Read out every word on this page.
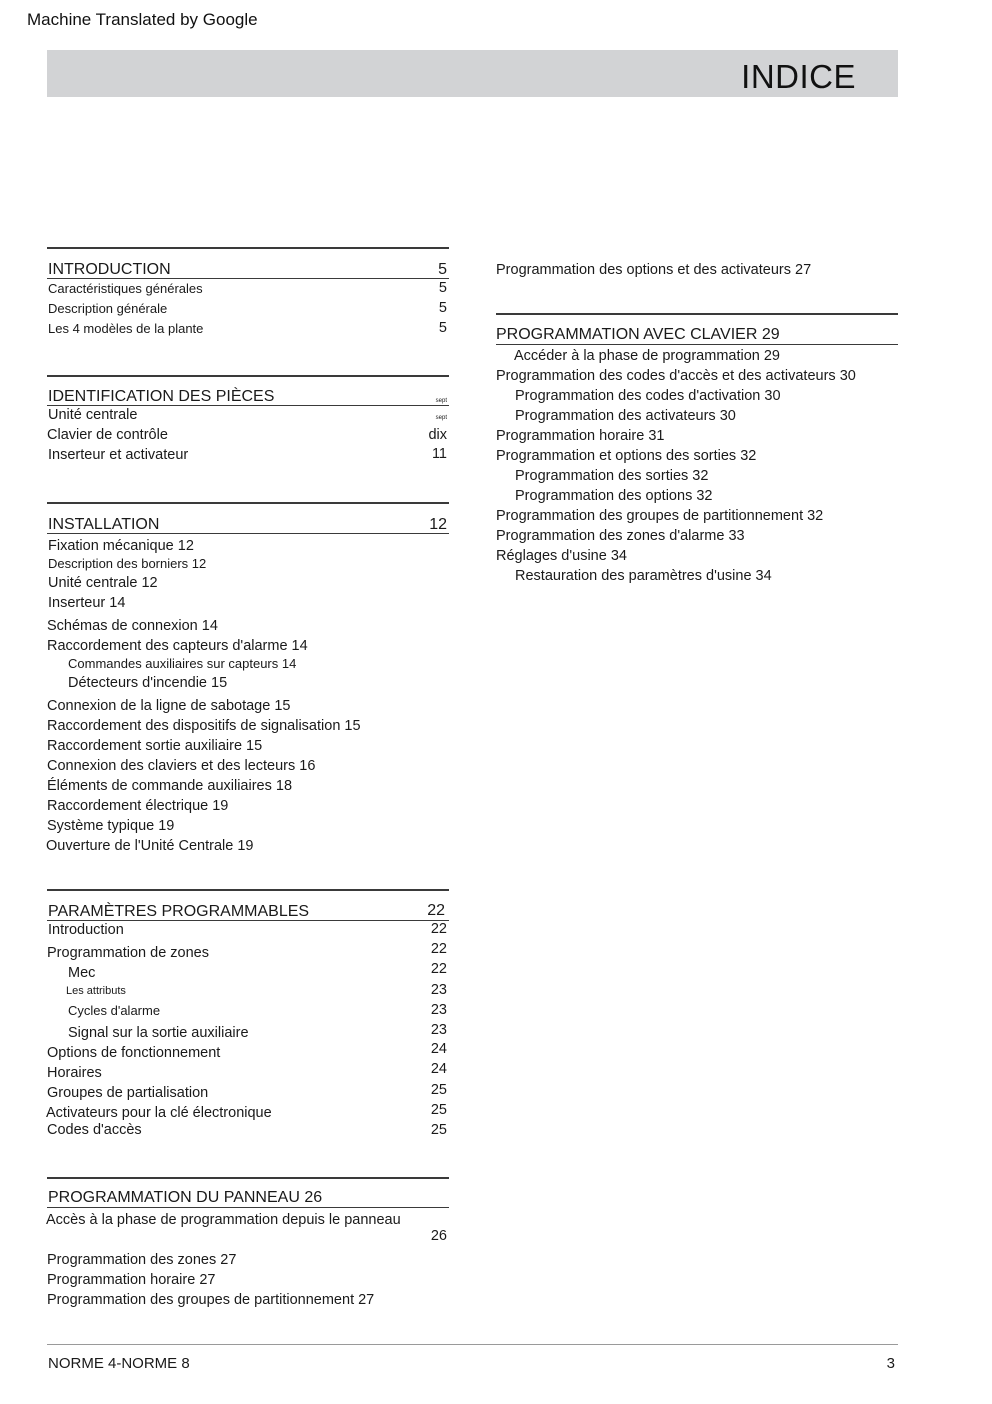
Machine Translated by Google
INDICE
INTRODUCTION	5
Caractéristiques générales	5
Description générale	5
Les 4 modèles de la plante	5
IDENTIFICATION DES PIÈCES	sept
Unité centrale	sept
Clavier de contrôle	dix
Inserteur et activateur	11
INSTALLATION	12
Fixation mécanique 12
Description des borniers 12
Unité centrale 12
Inserteur 14
Schémas de connexion 14
Raccordement des capteurs d'alarme 14
Commandes auxiliaires sur capteurs 14
Détecteurs d'incendie 15
Connexion de la ligne de sabotage 15
Raccordement des dispositifs de signalisation 15
Raccordement sortie auxiliaire 15
Connexion des claviers et des lecteurs 16
Éléments de commande auxiliaires 18
Raccordement électrique 19
Système typique 19
Ouverture de l'Unité Centrale 19
PARAMÈTRES PROGRAMMABLES	22
Introduction	22
Programmation de zones	22
Mec	22
Les attributs	23
Cycles d'alarme	23
Signal sur la sortie auxiliaire	23
Options de fonctionnement	24
Horaires	24
Groupes de partialisation	25
Activateurs pour la clé électronique	25
Codes d'accès	25
PROGRAMMATION DU PANNEAU 26
Accès à la phase de programmation depuis le panneau
26
Programmation des zones 27
Programmation horaire 27
Programmation des groupes de partitionnement 27
Programmation des options et des activateurs 27
PROGRAMMATION AVEC CLAVIER 29
Accéder à la phase de programmation 29
Programmation des codes d'accès et des activateurs 30
Programmation des codes d'activation 30
Programmation des activateurs 30
Programmation horaire 31
Programmation et options des sorties 32
Programmation des sorties 32
Programmation des options 32
Programmation des groupes de partitionnement 32
Programmation des zones d'alarme 33
Réglages d'usine 34
Restauration des paramètres d'usine 34
NORME 4-NORME 8	3
